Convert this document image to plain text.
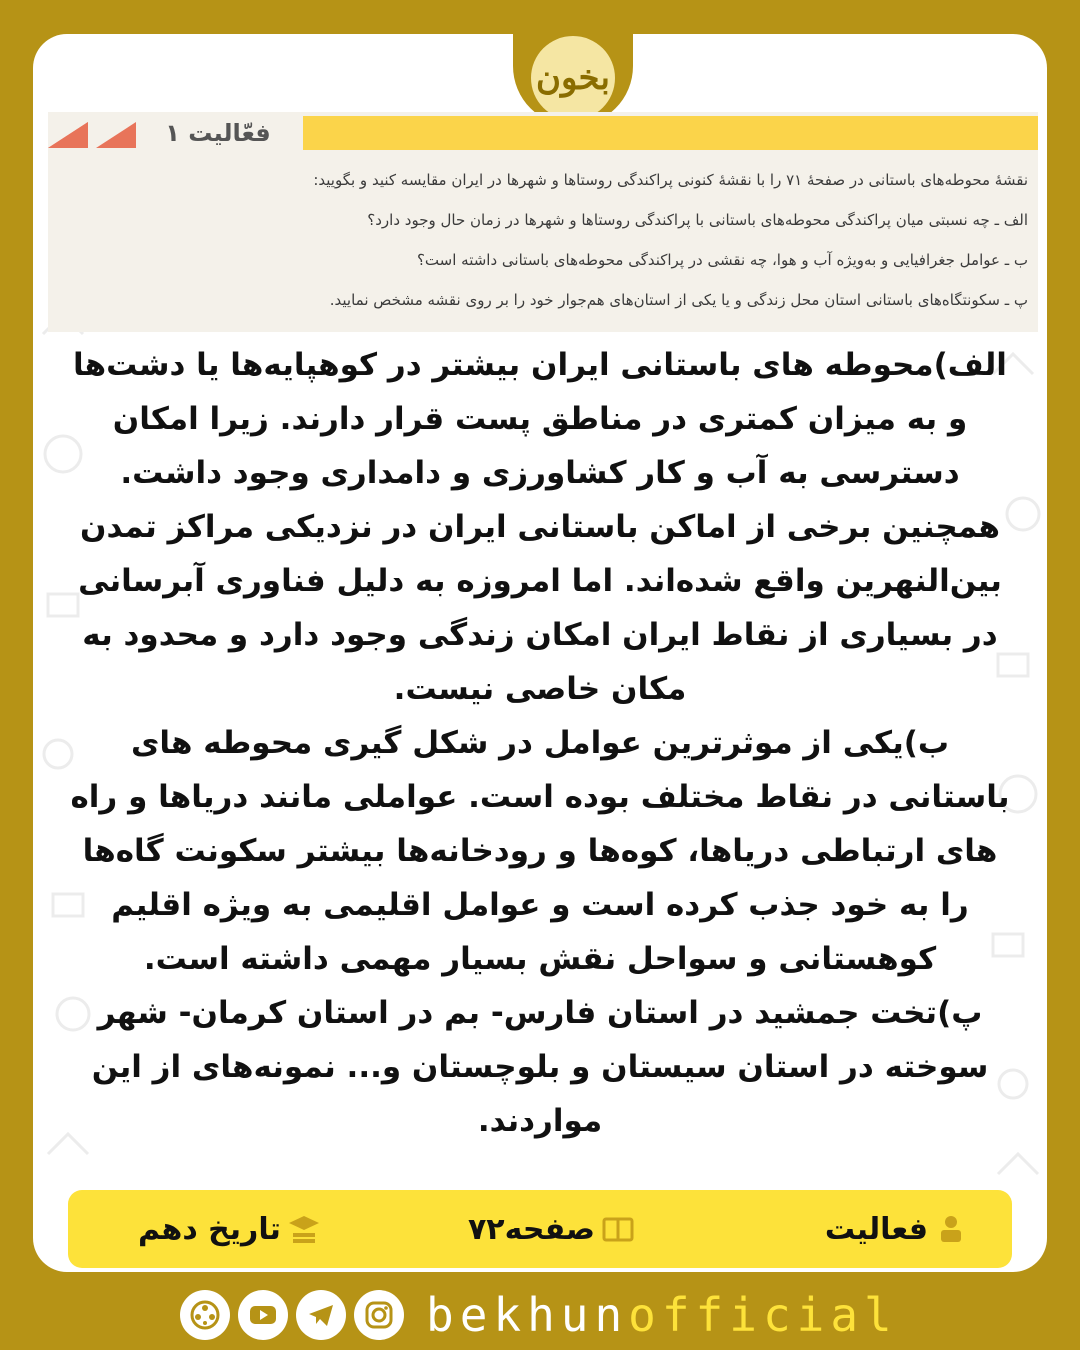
بخون
فعّالیت ۱
نقشهٔ محوطه‌های باستانی در صفحهٔ ۷۱ را با نقشهٔ کنونی پراکندگی روستاها و شهرها در ایران مقایسه کنید و بگویید:
الف ـ چه نسبتی میان پراکندگی محوطه‌های باستانی با پراکندگی روستاها و شهرها در زمان حال وجود دارد؟
ب ـ عوامل جغرافیایی و به‌ویژه آب و هوا، چه نقشی در پراکندگی محوطه‌های باستانی داشته است؟
پ ـ سکونتگاه‌های باستانی استان محل زندگی و یا یکی از استان‌های هم‌جوار خود را بر روی نقشه مشخص نمایید.

الف)محوطه های باستانی ایران بیشتر در کوهپایه‌ها یا دشت‌ها و به میزان کمتری در مناطق پست قرار دارند. زیرا امکان دسترسی به آب و کار کشاورزی و دامداری وجود داشت. همچنین برخی از اماکن باستانی ایران در نزدیکی مراکز تمدن بین‌النهرین واقع شده‌اند. اما امروزه به دلیل فناوری آبرسانی در بسیاری از نقاط ایران امکان زندگی وجود دارد و محدود به مکان خاصی نیست.

ب)یکی از موثرترین عوامل در شکل گیری محوطه های باستانی در نقاط مختلف بوده است. عواملی مانند دریاها و راه های ارتباطی دریاها، کوه‌ها و رودخانه‌ها بیشتر سکونت گاه‌ها را به خود جذب کرده است و عوامل اقلیمی به ویژه اقلیم کوهستانی و سواحل نقش بسیار مهمی داشته است.

پ)تخت جمشید در استان فارس- بم در استان کرمان- شهر سوخته در استان سیستان و بلوچستان و... نمونه‌های از این مواردند.

فعالیت
صفحه۷۲
تاریخ دهم
bekhunofficial
